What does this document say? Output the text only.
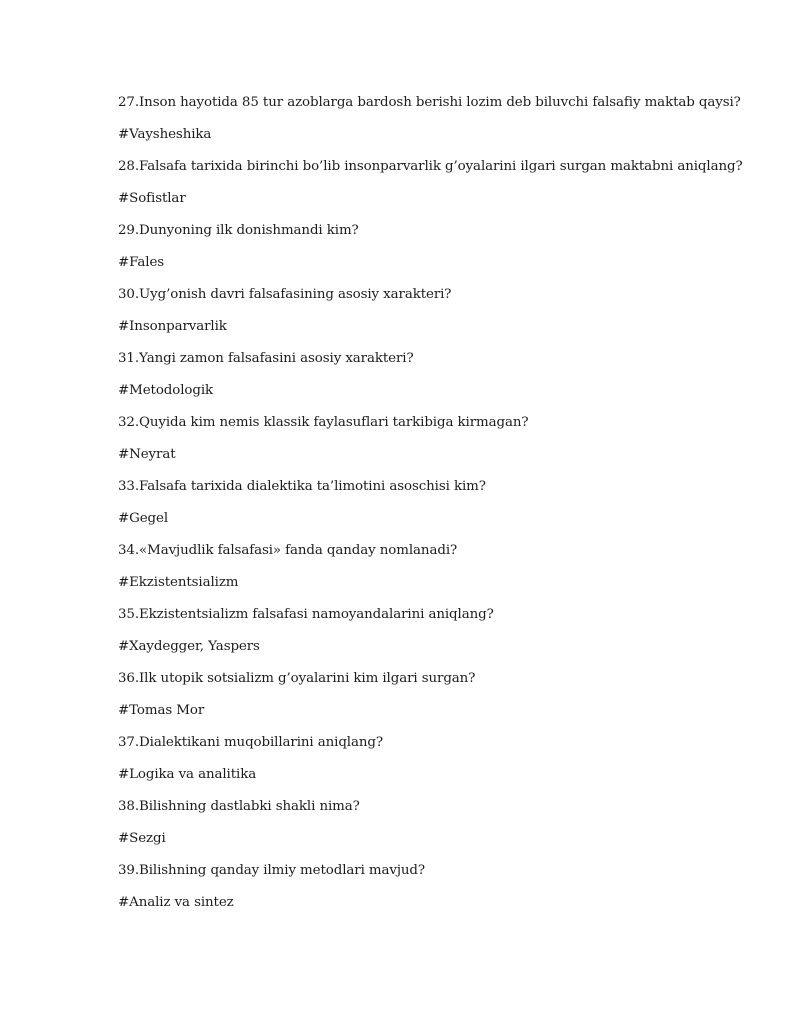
27.Inson hayotida 85 tur azoblarga bardosh berishi lozim deb biluvchi falsafiy maktab qaysi?
#Vaysheshika
28.Falsafa tarixida birinchi bo’lib insonparvarlik g’oyalarini ilgari surgan maktabni aniqlang?
#Sofistlar
29.Dunyoning ilk donishmandi kim?
#Fales
30.Uyg’onish davri falsafasining asosiy xarakteri?
#Insonparvarlik
31.Yangi zamon falsafasini asosiy xarakteri?
#Metodologik
32.Quyida kim nemis klassik faylasuflari tarkibiga kirmagan?
#Neyrat
33.Falsafa tarixida dialektika ta’limotini asoschisi kim?
#Gegel
34.«Mavjudlik falsafasi» fanda qanday nomlanadi?
#Ekzistentsializm
35.Ekzistentsializm falsafasi namoyandalarini aniqlang?
#Xaydegger, Yaspers
36.Ilk utopik sotsializm g’oyalarini kim ilgari surgan?
#Tomas Mor
37.Dialektikani muqobillarini aniqlang?
#Logika va analitika
38.Bilishning dastlabki shakli nima?
#Sezgi
39.Bilishning qanday ilmiy metodlari mavjud?
#Analiz va sintez
